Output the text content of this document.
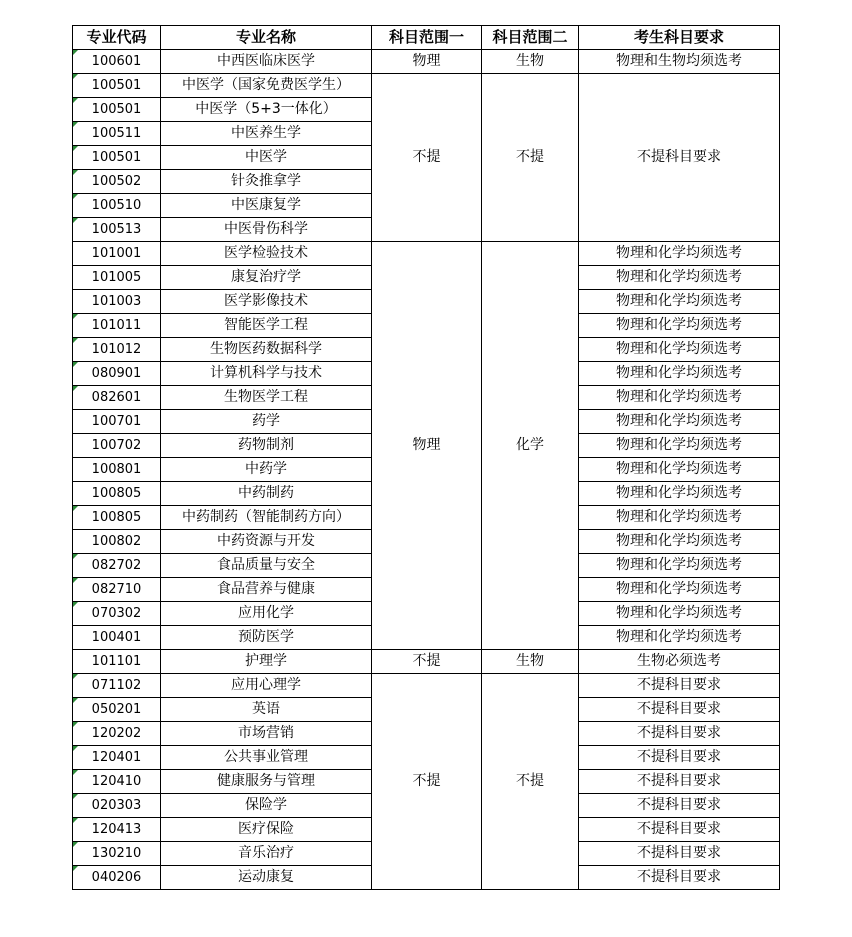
专业代码	专业名称	科目范围一	科目范围二	考生科目要求
100601	中西医临床医学	物理	生物	物理和生物均须选考
100501	中医学（国家免费医学生）	不提	不提	不提科目要求
100501	中医学（5+3一体化）			
100511	中医养生学			
100501	中医学			
100502	针灸推拿学			
100510	中医康复学			
100513	中医骨伤科学			
101001	医学检验技术	物理	化学	物理和化学均须选考
101005	康复治疗学			物理和化学均须选考
101003	医学影像技术			物理和化学均须选考
101011	智能医学工程			物理和化学均须选考
101012	生物医药数据科学			物理和化学均须选考
080901	计算机科学与技术			物理和化学均须选考
082601	生物医学工程			物理和化学均须选考
100701	药学			物理和化学均须选考
100702	药物制剂			物理和化学均须选考
100801	中药学			物理和化学均须选考
100805	中药制药			物理和化学均须选考
100805	中药制药（智能制药方向）			物理和化学均须选考
100802	中药资源与开发			物理和化学均须选考
082702	食品质量与安全			物理和化学均须选考
082710	食品营养与健康			物理和化学均须选考
070302	应用化学			物理和化学均须选考
100401	预防医学			物理和化学均须选考
101101	护理学	不提	生物	生物必须选考
071102	应用心理学	不提	不提	不提科目要求
050201	英语			不提科目要求
120202	市场营销			不提科目要求
120401	公共事业管理			不提科目要求
120410	健康服务与管理			不提科目要求
020303	保险学			不提科目要求
120413	医疗保险			不提科目要求
130210	音乐治疗			不提科目要求
040206	运动康复			不提科目要求
